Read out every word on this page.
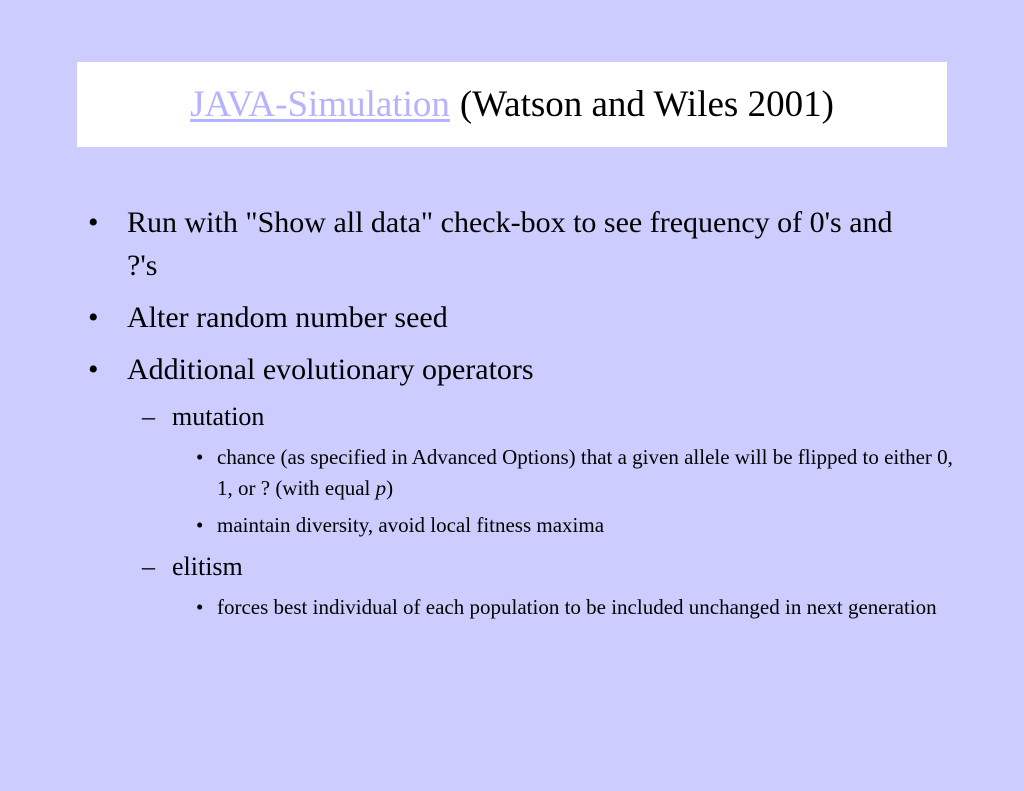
JAVA-Simulation (Watson and Wiles 2001)
• Run with "Show all data" check-box to see frequency of 0's and ?'s
• Alter random number seed
• Additional evolutionary operators
– mutation
• chance (as specified in Advanced Options) that a given allele will be flipped to either 0, 1, or ? (with equal p)
• maintain diversity, avoid local fitness maxima
– elitism
• forces best individual of each population to be included unchanged in next generation
